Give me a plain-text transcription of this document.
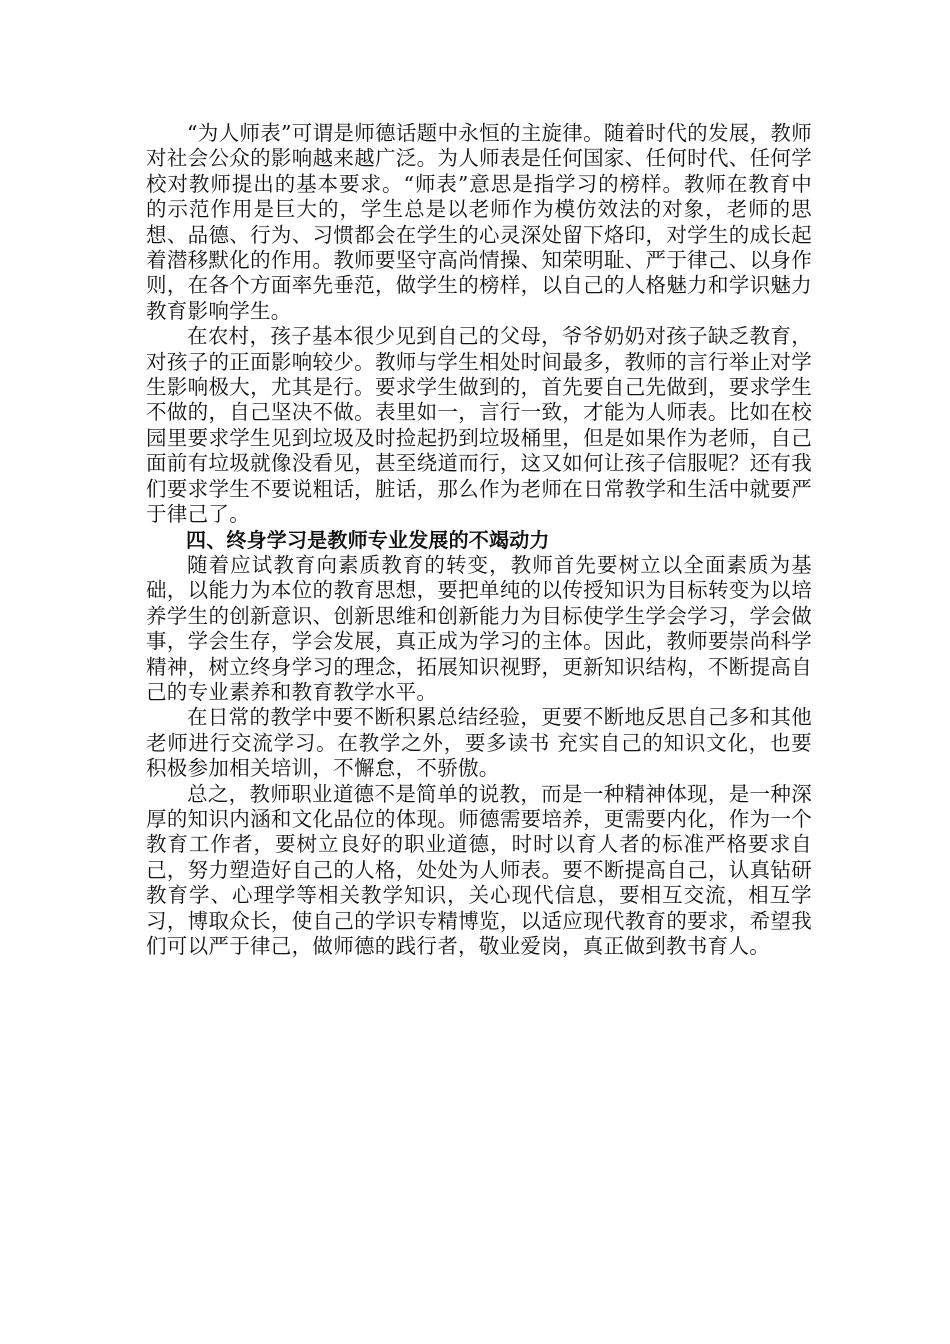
“为人师表”可谓是师德话题中永恒的主旋律。随着时代的发展，教师对社会公众的影响越来越广泛。为人师表是任何国家、任何时代、任何学校对教师提出的基本要求。“师表”意思是指学习的榜样。教师在教育中的示范作用是巨大的，学生总是以老师作为模仿效法的对象，老师的思想、品德、行为、习惯都会在学生的心灵深处留下烙印，对学生的成长起着潜移默化的作用。教师要坚守高尚情操、知荣明耻、严于律己、以身作则，在各个方面率先垂范，做学生的榜样，以自己的人格魅力和学识魅力教育影响学生。

在农村，孩子基本很少见到自己的父母，爷爷奶奶对孩子缺乏教育，对孩子的正面影响较少。教师与学生相处时间最多，教师的言行举止对学生影响极大，尤其是行。要求学生做到的，首先要自己先做到，要求学生不做的，自己坚决不做。表里如一，言行一致，才能为人师表。比如在校园里要求学生见到垃圾及时捡起扔到垃圾桶里，但是如果作为老师，自己面前有垃圾就像没看见，甚至绕道而行，这又如何让孩子信服呢？还有我们要求学生不要说粗话，脏话，那么作为老师在日常教学和生活中就要严于律己了。

四、终身学习是教师专业发展的不竭动力

随着应试教育向素质教育的转变，教师首先要树立以全面素质为基础，以能力为本位的教育思想，要把单纯的以传授知识为目标转变为以培养学生的创新意识、创新思维和创新能力为目标使学生学会学习，学会做事，学会生存，学会发展，真正成为学习的主体。因此，教师要崇尚科学精神，树立终身学习的理念，拓展知识视野，更新知识结构，不断提高自己的专业素养和教育教学水平。

在日常的教学中要不断积累总结经验，更要不断地反思自己多和其他老师进行交流学习。在教学之外，要多读书 充实自己的知识文化，也要积极参加相关培训，不懈怠，不骄傲。

总之，教师职业道德不是简单的说教，而是一种精神体现，是一种深厚的知识内涵和文化品位的体现。师德需要培养，更需要内化，作为一个教育工作者，要树立良好的职业道德，时时以育人者的标准严格要求自己，努力塑造好自己的人格，处处为人师表。要不断提高自己，认真钻研教育学、心理学等相关教学知识，关心现代信息，要相互交流，相互学习，博取众长，使自己的学识专精博览，以适应现代教育的要求，希望我们可以严于律己，做师德的践行者，敬业爱岗，真正做到教书育人。
